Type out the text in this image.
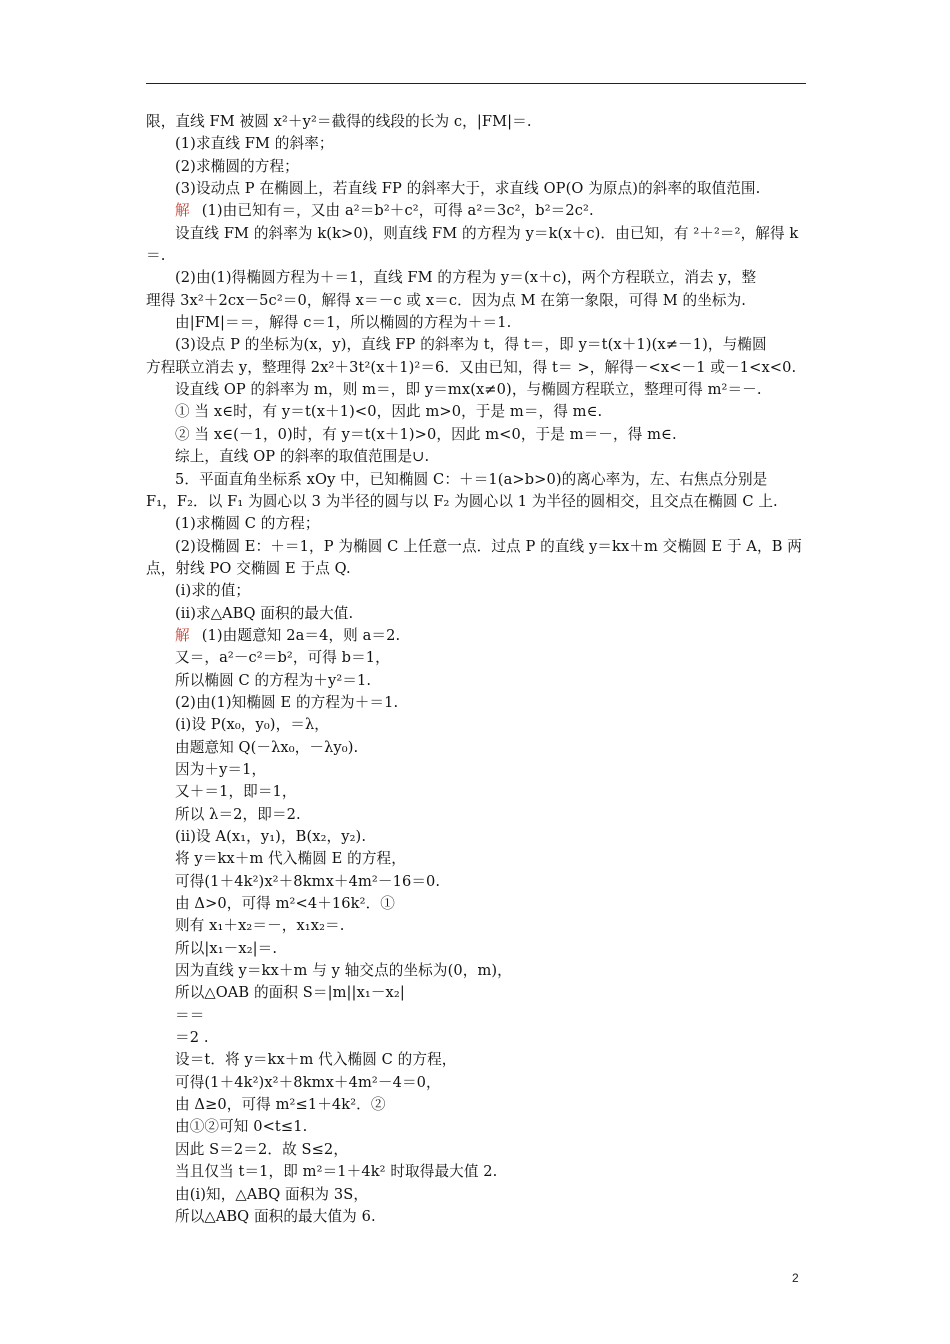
限，直线 FM 被圆 x²＋y²＝截得的线段的长为 c，|FM|＝.
(1)求直线 FM 的斜率；
(2)求椭圆的方程；
(3)设动点 P 在椭圆上，若直线 FP 的斜率大于，求直线 OP(O 为原点)的斜率的取值范围.
解 (1)由已知有＝，又由 a²＝b²＋c²，可得 a²＝3c²，b²＝2c².
设直线 FM 的斜率为 k(k>0)，则直线 FM 的方程为 y＝k(x＋c)．由已知，有 ²＋²＝²，解得 k
＝.
(2)由(1)得椭圆方程为＋＝1，直线 FM 的方程为 y＝(x＋c)，两个方程联立，消去 y，整
理得 3x²＋2cx－5c²＝0，解得 x＝－c 或 x＝c．因为点 M 在第一象限，可得 M 的坐标为.
由|FM|＝＝，解得 c＝1，所以椭圆的方程为＋＝1.
(3)设点 P 的坐标为(x，y)，直线 FP 的斜率为 t，得 t＝，即 y＝t(x＋1)(x≠－1)，与椭圆
方程联立消去 y，整理得 2x²＋3t²(x＋1)²＝6．又由已知，得 t＝ >，解得－<x<－1 或－1<x<0.
设直线 OP 的斜率为 m，则 m＝，即 y＝mx(x≠0)，与椭圆方程联立，整理可得 m²＝－.
① 当 x∈时，有 y＝t(x＋1)<0，因此 m>0，于是 m＝，得 m∈.
② 当 x∈(－1，0)时，有 y＝t(x＋1)>0，因此 m<0，于是 m＝－，得 m∈.
综上，直线 OP 的斜率的取值范围是∪.
5．平面直角坐标系 xOy 中，已知椭圆 C：＋＝1(a>b>0)的离心率为，左、右焦点分别是
F₁，F₂．以 F₁ 为圆心以 3 为半径的圆与以 F₂ 为圆心以 1 为半径的圆相交，且交点在椭圆 C 上.
(1)求椭圆 C 的方程；
(2)设椭圆 E：＋＝1，P 为椭圆 C 上任意一点．过点 P 的直线 y＝kx＋m 交椭圆 E 于 A，B 两
点，射线 PO 交椭圆 E 于点 Q.
(ⅰ)求的值；
(ⅱ)求△ABQ 面积的最大值.
解 (1)由题意知 2a＝4，则 a＝2.
又＝，a²－c²＝b²，可得 b＝1，
所以椭圆 C 的方程为＋y²＝1.
(2)由(1)知椭圆 E 的方程为＋＝1.
(ⅰ)设 P(x₀，y₀)，＝λ，
由题意知 Q(－λx₀，－λy₀).
因为＋y＝1，
又＋＝1，即＝1，
所以 λ＝2，即＝2.
(ⅱ)设 A(x₁，y₁)，B(x₂，y₂).
将 y＝kx＋m 代入椭圆 E 的方程，
可得(1＋4k²)x²＋8kmx＋4m²－16＝0.
由 Δ>0，可得 m²<4＋16k²．①
则有 x₁＋x₂＝－，x₁x₂＝.
所以|x₁－x₂|＝.
因为直线 y＝kx＋m 与 y 轴交点的坐标为(0，m)，
所以△OAB 的面积 S＝|m||x₁－x₂|
＝＝
＝2 .
设＝t．将 y＝kx＋m 代入椭圆 C 的方程，
可得(1＋4k²)x²＋8kmx＋4m²－4＝0，
由 Δ≥0，可得 m²≤1＋4k²．②
由①②可知 0<t≤1.
因此 S＝2＝2．故 S≤2，
当且仅当 t＝1，即 m²＝1＋4k² 时取得最大值 2.
由(ⅰ)知，△ABQ 面积为 3S，
所以△ABQ 面积的最大值为 6.
2
